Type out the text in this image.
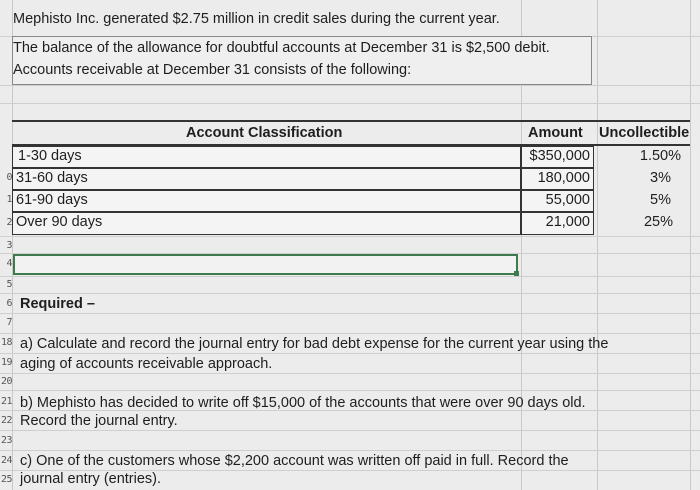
Mephisto Inc. generated $2.75 million in credit sales during the current year.
The balance of the allowance for doubtful accounts at December 31 is $2,500 debit.
Accounts receivable at December 31 consists of the following:
Account Classification	Amount Uncollectible
1-30 days	$350,000	1.50%
31-60 days	180,000	3%
61-90 days	55,000	5%
Over 90 days	21,000	25%
0
1
2
3
4
5
6
7
18
19
20
21
22
23
24
25
Required –
a) Calculate and record the journal entry for bad debt expense for the current year using the
aging of accounts receivable approach.
b) Mephisto has decided to write off $15,000 of the accounts that were over 90 days old.
Record the journal entry.
c) One of the customers whose $2,200 account was written off paid in full. Record the
journal entry (entries).
